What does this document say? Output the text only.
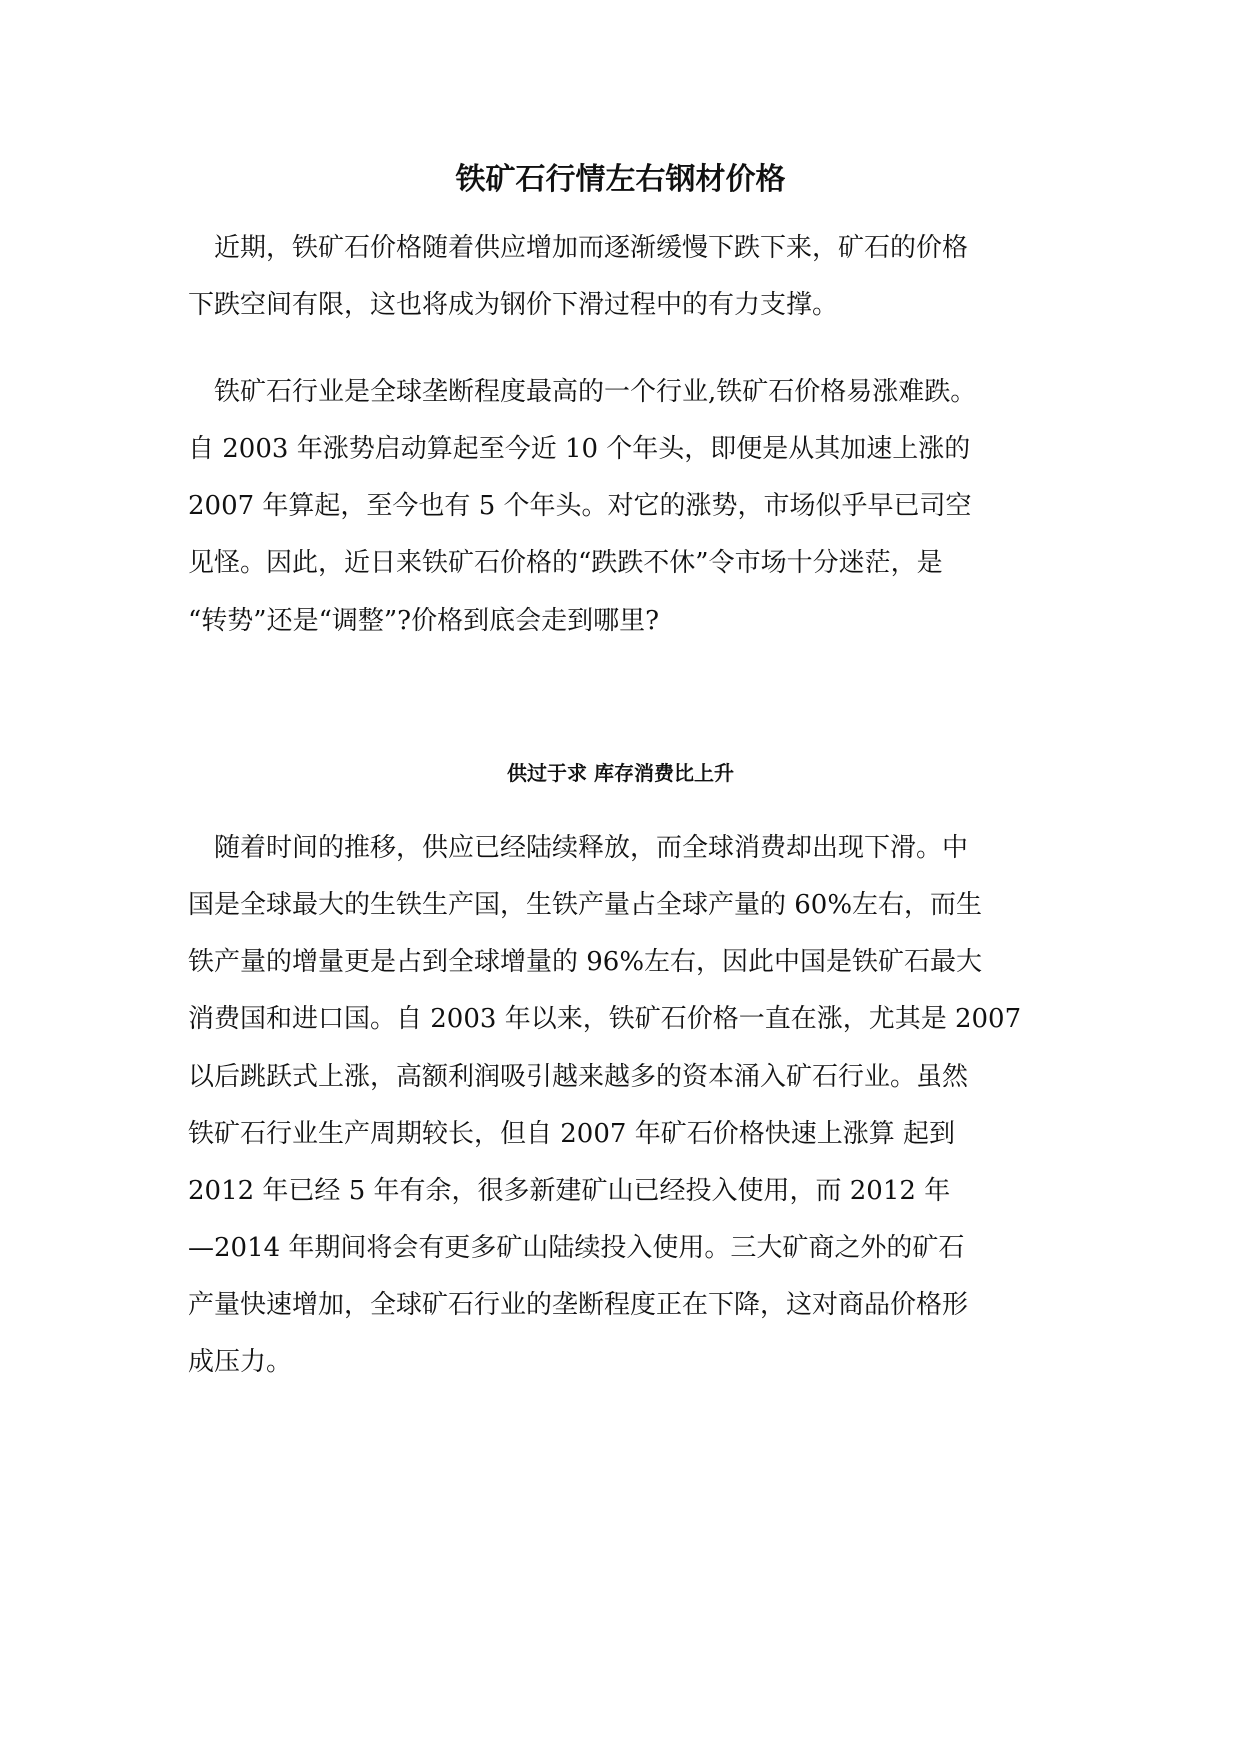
铁矿石行情左右钢材价格

近期，铁矿石价格随着供应增加而逐渐缓慢下跌下来，矿石的价格

下跌空间有限，这也将成为钢价下滑过程中的有力支撑。

铁矿石行业是全球垄断程度最高的一个行业,铁矿石价格易涨难跌。

自 2003 年涨势启动算起至今近 10 个年头，即便是从其加速上涨的

2007 年算起，至今也有 5 个年头。对它的涨势，市场似乎早已司空

见怪。因此，近日来铁矿石价格的“跌跌不休”令市场十分迷茫，是

“转势”还是“调整”?价格到底会走到哪里?

供过于求 库存消费比上升

随着时间的推移，供应已经陆续释放，而全球消费却出现下滑。中

国是全球最大的生铁生产国，生铁产量占全球产量的 60%左右，而生

铁产量的增量更是占到全球增量的 96%左右，因此中国是铁矿石最大

消费国和进口国。自 2003 年以来，铁矿石价格一直在涨，尤其是 2007

以后跳跃式上涨，高额利润吸引越来越多的资本涌入矿石行业。虽然

铁矿石行业生产周期较长，但自 2007 年矿石价格快速上涨算 起到

2012 年已经 5 年有余，很多新建矿山已经投入使用，而 2012 年

—2014 年期间将会有更多矿山陆续投入使用。三大矿商之外的矿石

产量快速增加，全球矿石行业的垄断程度正在下降，这对商品价格形

成压力。
